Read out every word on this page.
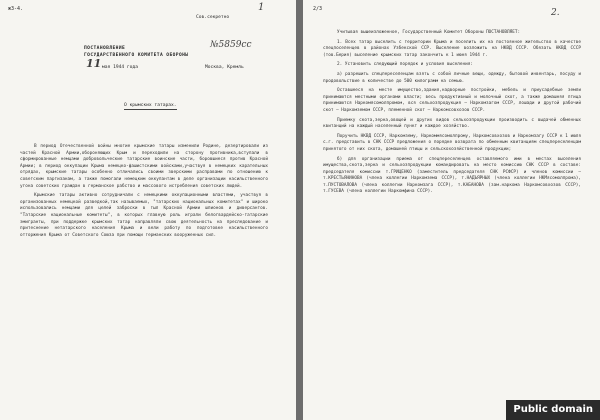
ж3-4.	1
Сов.секретно
ПОСТАНОВЛЕНИЕ
ГОСУДАРСТВЕННОГО КОМИТЕТА ОБОРОНЫ
№5859сс
11 мая 1944 года	Москва, Кремль
О крымских татарах.

В период Отечественной войны многие крымские татары изменили Родине, дезертировали из частей Красной Армии,обороняющих Крым и переходили на сторону противника,вступали в сформированные немцами добровольческие татарские воинские части, боровшиеся против Красной Армии; в период оккупации Крыма немецко-фашистскими войсками,участвуя в немецких карательных отрядах, крымские татары особенно отличались своими зверскими расправами по отношению к советским партизанам, а также помогали немецким оккупантам в деле организации насильственного угона советских граждан в германское рабство и массового истребления советских людей.

Крымские татары активно сотрудничали с немецкими оккупационными властями, участвуя в организованных немецкой разведкой,так называемых, "татарских национальных комитетах" и широко использовались немцами для целей заброски в тыл Красной Армии шпионов и диверсантов. "Татарские национальные комитеты", в которых главную роль играли белогвардейско-татарские эмигранты, при поддержке крымских татар направляли свою деятельность на преследование и притеснение нетатарского населения Крыма и вели работу по подготовке насильственного отторжения Крыма от Советского Союза при помощи германских вооруженных сил.

2/3	2.

Учитывая вышеизложенное, Государственный Комитет Обороны ПОСТАНОВЛЯЕТ:

1. Всех татар выселить с территории Крыма и поселить их на постоянное жительство в качестве спецпоселенцев в районах Узбекской ССР. Выселение возложить на НКВД СССР. Обязать НКВД СССР (тов.Берия) выселение крымских татар закончить к 1 июня 1944 г.

2. Установить следующий порядок и условия выселения:

а) разрешить спецпереселенцам взять с собой личные вещи, одежду, бытовой инвентарь, посуду и продовольствие в количестве до 500 килограмм на семью.

Оставшееся на месте имущество,здания,надворные постройки, мебель и приусадебные земли принимаются местными органами власти; весь продуктивный и молочный скот, а также домашняя птица принимаются Наркомясомолпромом, вся сельхозпродукция – Наркомзагом СССР, лошади и другой рабочий скот – Наркомземом СССР, племенной скот – Наркомсовхозов СССР.

Приемку скота,зерна,овощей и других видов сельхозпродукции производить с выдачей обменных квитанций на каждый населенный пункт и каждое хозяйство.

Поручить НКВД СССР, Наркомзему, Наркоммясомолпрому, Наркомсовхозов и Наркомзагу СССР к 1 июля с.г. представить в СНК СССР предложения о порядке возврата по обменным квитанциям спецпереселенцам принятого от них скота, домашней птицы и сельскохозяйственной продукции;

б) для организации приема от спецпереселенцев оставляемого ими в местах выселения имущества,скота,зерна и сельхозпродукции командировать на место комиссию СНК СССР в составе: председателя комиссии т.ГРИЦЕНКО (заместитель председателя СНК РСФСР) и членов комиссии – т.КРЕСТЬЯНИНОВА (члена коллегии Наркомзема СССР), т.НАДЪЯРНЫХ (члена коллегии НКМясомолпрома), т.ПУСТОВАЛОВА (члена коллегии Наркомзага СССР), т.КАБАНОВА (зам.наркома Наркомсовхозов СССР), т.ГУСЕВА (члена коллегии Наркомфина СССР).

Public domain
